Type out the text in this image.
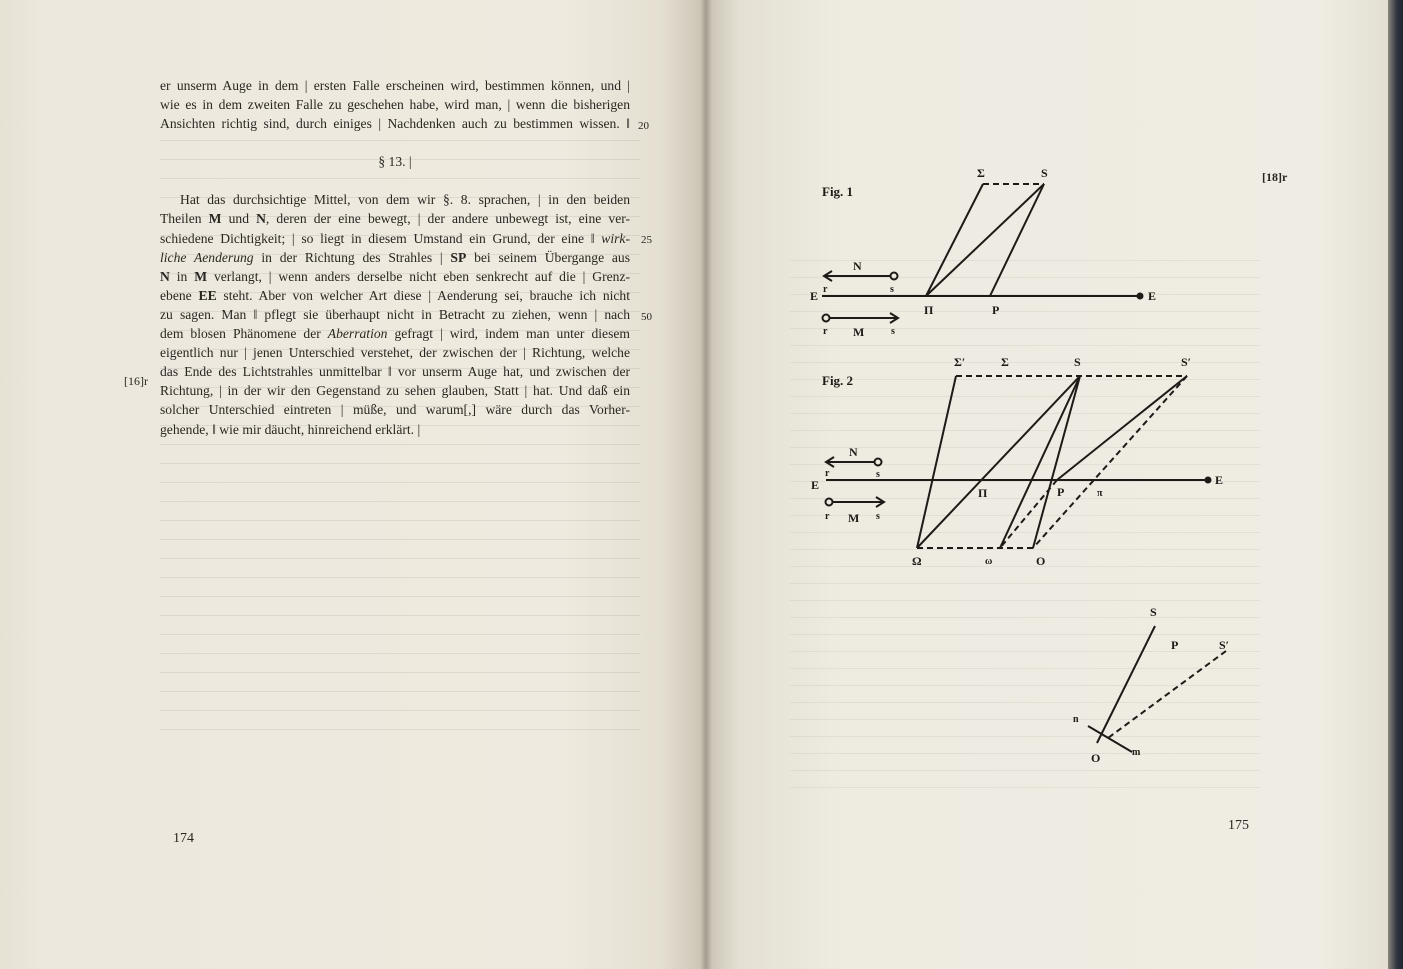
er unserm Auge in dem | ersten Falle erscheinen wird, bestimmen können, und |
wie es in dem zweiten Falle zu geschehen habe, wird man, | wenn die bisherigen
Ansichten richtig sind, durch einiges | Nachdenken auch zu bestimmen wissen. ‖
§ 13. |
Hat das durchsichtige Mittel, von dem wir §. 8. sprachen, | in den beiden
Theilen M und N, deren der eine bewegt, | der andere unbewegt ist, eine ver-
schiedene Dichtigkeit; | so liegt in diesem Umstand ein Grund, der eine ‖ wirk-
liche Aenderung in der Richtung des Strahles | SP bei seinem Übergange aus
N in M verlangt, | wenn anders derselbe nicht eben senkrecht auf die | Grenz-
ebene EE steht. Aber von welcher Art diese | Aenderung sei, brauche ich nicht
zu sagen. Man ‖ pflegt sie überhaupt nicht in Betracht zu ziehen, wenn | nach
dem blosen Phänomene der Aberration gefragt | wird, indem man unter diesem
eigentlich nur | jenen Unterschied verstehet, der zwischen der | Richtung, welche
das Ende des Lichtstrahles unmittelbar ‖ vor unserm Auge hat, und zwischen der
Richtung, | in der wir den Gegenstand zu sehen glauben, Statt | hat. Und daß ein
solcher Unterschied eintreten | müße, und warum[,] wäre durch das Vorher-
gehende, ‖ wie mir däucht, hinreichend erklärt. |
20
25
50
[16]r
174
[18]r
175
Fig. 1
Σ	S
N
r	s
E	E
Π	P
r M	s
Fig. 2
Σ′	Σ	S	S′
N
r	s
E	E
Π	P	π
r M s
Ω	ω	O
S
P	S′
n
O	m
